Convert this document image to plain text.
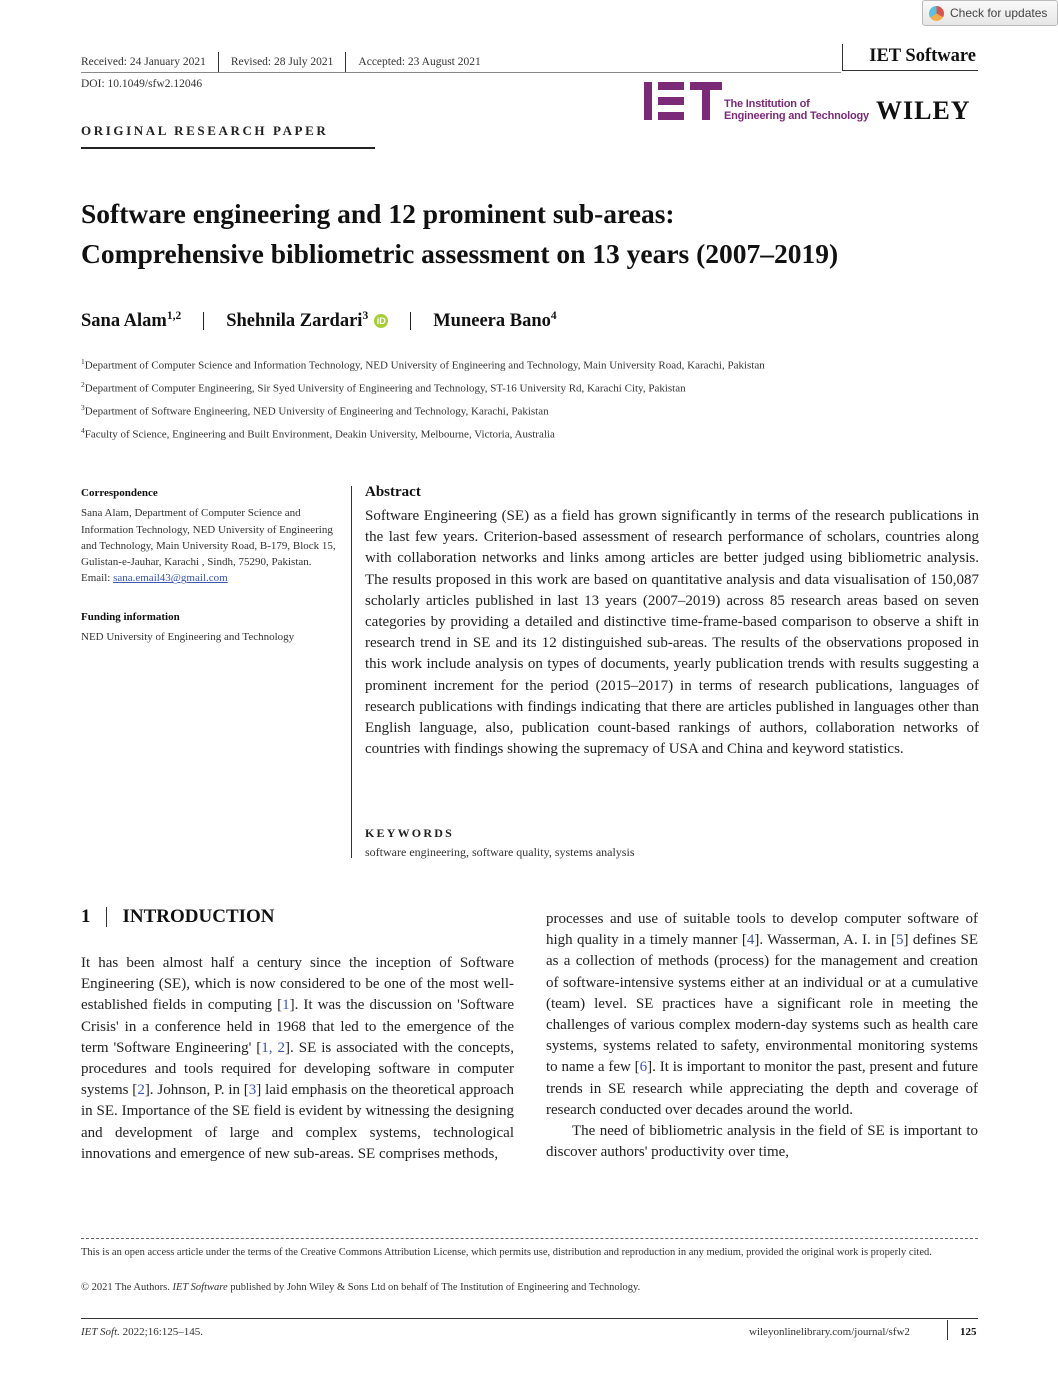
Check for updates
Received: 24 January 2021 Revised: 28 July 2021 Accepted: 23 August 2021
DOI: 10.1049/sfw2.12046
IET Software
The Institution of
Engineering and Technology WILEY
ORIGINAL RESEARCH PAPER
Software engineering and 12 prominent sub-areas:
Comprehensive bibliometric assessment on 13 years (2007–2019)
Sana Alam$^{1,2}$ Shehnila Zardari$^3$ iD	Muneera Bano$^4$
$^1$Department of Computer Science and Information Technology, NED University of Engineering and Technology, Main University Road, Karachi, Pakistan
$^2$Department of Computer Engineering, Sir Syed University of Engineering and Technology, ST-16 University Rd, Karachi City, Pakistan
$^3$Department of Software Engineering, NED University of Engineering and Technology, Karachi, Pakistan
$^4$Faculty of Science, Engineering and Built Environment, Deakin University, Melbourne, Victoria, Australia
Correspondence
Sana Alam, Department of Computer Science and Information Technology, NED University of Engineering and Technology, Main University Road, B-179, Block 15, Gulistan-e-Jauhar, Karachi , Sindh, 75290, Pakistan.
Email: sana.email43@gmail.com
Funding information
NED University of Engineering and Technology
Abstract
Software Engineering (SE) as a field has grown significantly in terms of the research publications in the last few years. Criterion-based assessment of research performance of scholars, countries along with collaboration networks and links among articles are better judged using bibliometric analysis. The results proposed in this work are based on quantitative analysis and data visualisation of 150,087 scholarly articles published in last 13 years (2007–2019) across 85 research areas based on seven categories by providing a detailed and distinctive time-frame-based comparison to observe a shift in research trend in SE and its 12 distinguished sub-areas. The results of the observations proposed in this work include analysis on types of documents, yearly publication trends with results suggesting a prominent increment for the period (2015–2017) in terms of research publications, languages of research publications with findings indicating that there are articles published in languages other than English language, also, publication count-based rankings of authors, collaboration networks of countries with findings showing the supremacy of USA and China and keyword statistics.
KEYWORDS
software engineering, software quality, systems analysis
1 INTRODUCTION

It has been almost half a century since the inception of Software Engineering (SE), which is now considered to be one of the most well-established fields in computing [1]. It was the discussion on 'Software Crisis' in a conference held in 1968 that led to the emergence of the term 'Software Engineering' [1, 2]. SE is associated with the concepts, procedures and tools required for developing software in computer systems [2]. Johnson, P. in [3] laid emphasis on the theoretical approach in SE. Importance of the SE field is evident by witnessing the designing and development of large and complex systems, technological innovations and emergence of new sub-areas. SE comprises methods,

processes and use of suitable tools to develop computer software of high quality in a timely manner [4]. Wasserman, A. I. in [5] defines SE as a collection of methods (process) for the management and creation of software-intensive systems either at an individual or at a cumulative (team) level. SE practices have a significant role in meeting the challenges of various complex modern-day systems such as health care systems, systems related to safety, environmental monitoring systems to name a few [6]. It is important to monitor the past, present and future trends in SE research while appreciating the depth and coverage of research conducted over decades around the world.

The need of bibliometric analysis in the field of SE is important to discover authors' productivity over time,

This is an open access article under the terms of the Creative Commons Attribution License, which permits use, distribution and reproduction in any medium, provided the original work is properly cited.
© 2021 The Authors. IET Software published by John Wiley & Sons Ltd on behalf of The Institution of Engineering and Technology.
IET Soft. 2022;16:125–145.	wileyonlinelibrary.com/journal/sfw2	125
